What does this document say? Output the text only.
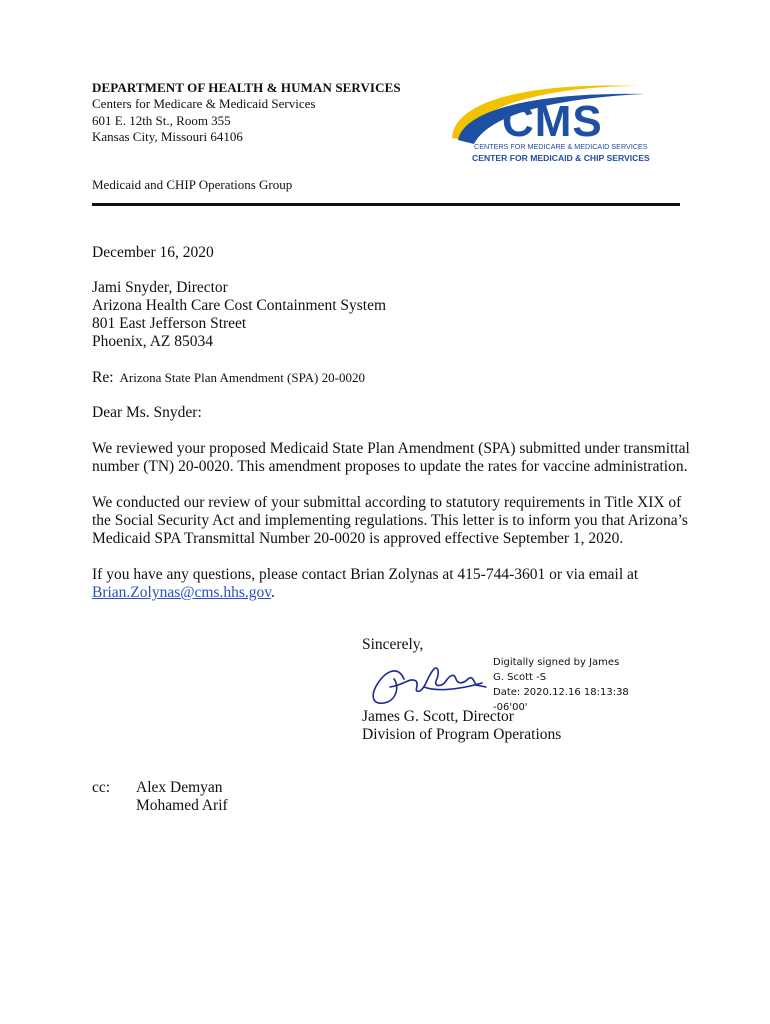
DEPARTMENT OF HEALTH & HUMAN SERVICES
Centers for Medicare & Medicaid Services
601 E. 12th St., Room 355
Kansas City, Missouri 64106
Medicaid and CHIP Operations Group
CMS
CENTERS FOR MEDICARE & MEDICAID SERVICES
CENTER FOR MEDICAID & CHIP SERVICES
December 16, 2020
Jami Snyder, Director
Arizona Health Care Cost Containment System
801 East Jefferson Street
Phoenix, AZ 85034
Re: Arizona State Plan Amendment (SPA) 20-0020
Dear Ms. Snyder:
We reviewed your proposed Medicaid State Plan Amendment (SPA) submitted under transmittal number (TN) 20-0020. This amendment proposes to update the rates for vaccine administration.
We conducted our review of your submittal according to statutory requirements in Title XIX of the Social Security Act and implementing regulations. This letter is to inform you that Arizona’s Medicaid SPA Transmittal Number 20-0020 is approved effective September 1, 2020.
If you have any questions, please contact Brian Zolynas at 415-744-3601 or via email at
Brian.Zolynas@cms.hhs.gov.
Sincerely,
Digitally signed by James
G. Scott -S
Date: 2020.12.16 18:13:38
-06'00'
James G. Scott, Director
Division of Program Operations
cc: Alex Demyan
Mohamed Arif
